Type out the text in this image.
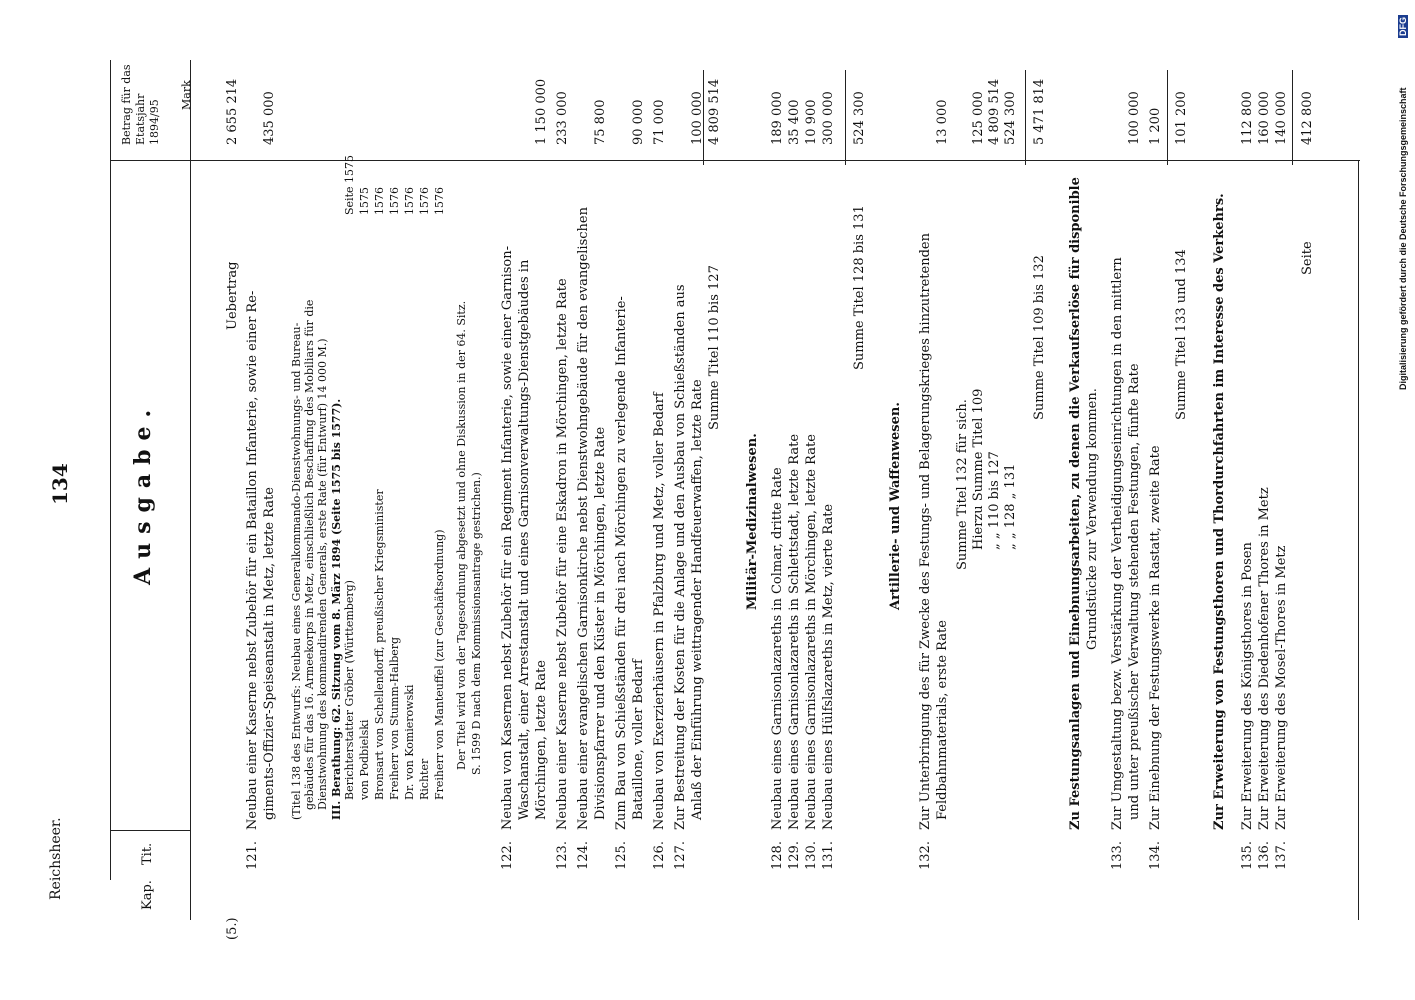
134
Reichsheer.
Ausgabe.
Kap.
Tit.
Betrag für das Etatsjahr 1894/95
Mark
(5.)
Uebertrag
2 655 214
121.
Neubau einer Kaserne nebst Zubehör für ein Bataillon Infanterie, sowie einer Re- giments-Offizier-Speiseanstalt in Metz, letzte Rate
435 000
(Titel 138 des Entwurfs: Neubau eines Generalkommando-Dienstwohnungs- und Bureau- gebäudes für das 16. Armeekorps in Metz, einschließlich Beschaffung des Mobiliars für die Dienstwohnung des kommandirenden Generals, erste Rate (für Entwurf) 14 000 M.) III. Berathung: 62. Sitzung vom 8. März 1894 (Seite 1575 bis 1577). Berichterstatter Gröber (Württemberg)
Seite 1575
von Podbielski
1575
Bronsart von Schellendorff, preußischer Kriegsminister
1576
Freiherr von Stumm-Halberg
1576
Dr. von Komierowski
1576
Richter
1576
Freiherr von Manteuffel (zur Geschäftsordnung)
1576
Der Titel wird von der Tagesordnung abgesetzt und ohne Diskussion in der 64. Sitz. S. 1599 D nach dem Kommissionsantrage gestrichen.)
122.
Neubau von Kasernen nebst Zubehör für ein Regiment Infanterie, sowie einer Garnison- Waschanstalt, einer Arrestanstalt und eines Garnisonverwaltungs-Dienstgebäudes in Mörchingen, letzte Rate
1 150 000
123.
Neubau einer Kaserne nebst Zubehör für eine Eskadron in Mörchingen, letzte Rate
233 000
124.
Neubau einer evangelischen Garnisonkirche nebst Dienstwohngebäude für den evangelischen Divisionspfarrer und den Küster in Mörchingen, letzte Rate
75 800
125.
Zum Bau von Schießständen für drei nach Mörchingen zu verlegende Infanterie- Bataillone, voller Bedarf
90 000
126.
Neubau von Exerzierhäusern in Pfalzburg und Metz, voller Bedarf
71 000
127.
Zur Bestreitung der Kosten für die Anlage und den Ausbau von Schießständen aus Anlaß der Einführung weittragender Handfeuerwaffen, letzte Rate
100 000
Summe Titel 110 bis 127
4 809 514
Militär-Medizinalwesen.
128.
Neubau eines Garnisonlazareths in Colmar, dritte Rate
189 000
129.
Neubau eines Garnisonlazareths in Schlettstadt, letzte Rate
35 400
130.
Neubau eines Garnisonlazareths in Mörchingen, letzte Rate
10 900
131.
Neubau eines Hülfslazareths in Metz, vierte Rate
300 000
Summe Titel 128 bis 131
524 300
Artillerie- und Waffenwesen.
132.
Zur Unterbringung des für Zwecke des Festungs- und Belagerungskrieges hinzutretenden Feldbahnmaterials, erste Rate
13 000
Summe Titel 132 für sich. Hierzu Summe Titel 109
125 000
„ „ 110 bis 127
4 809 514
„ „ 128 „ 131
524 300
Summe Titel 109 bis 132
5 471 814
Zu Festungsanlagen und Einebnungsarbeiten, zu denen die Verkaufserlöse für disponible Grundstücke zur Verwendung kommen.
133.
Zur Umgestaltung bezw. Verstärkung der Vertheidigungseinrichtungen in den mittlern und unter preußischer Verwaltung stehenden Festungen, fünfte Rate
100 000
134.
Zur Einebnung der Festungswerke in Rastatt, zweite Rate
1 200
Summe Titel 133 und 134
101 200
Zur Erweiterung von Festungsthoren und Thordurchfahrten im Interesse des Verkehrs.
135.
Zur Erweiterung des Königsthores in Posen
112 800
136.
Zur Erweiterung des Diedenhofener Thores in Metz
160 000
137.
Zur Erweiterung des Mosel-Thores in Metz
140 000
Seite
412 800	Digitalisierung gefördert durch die Deutsche Forschungsgemeinschaft
DFG
